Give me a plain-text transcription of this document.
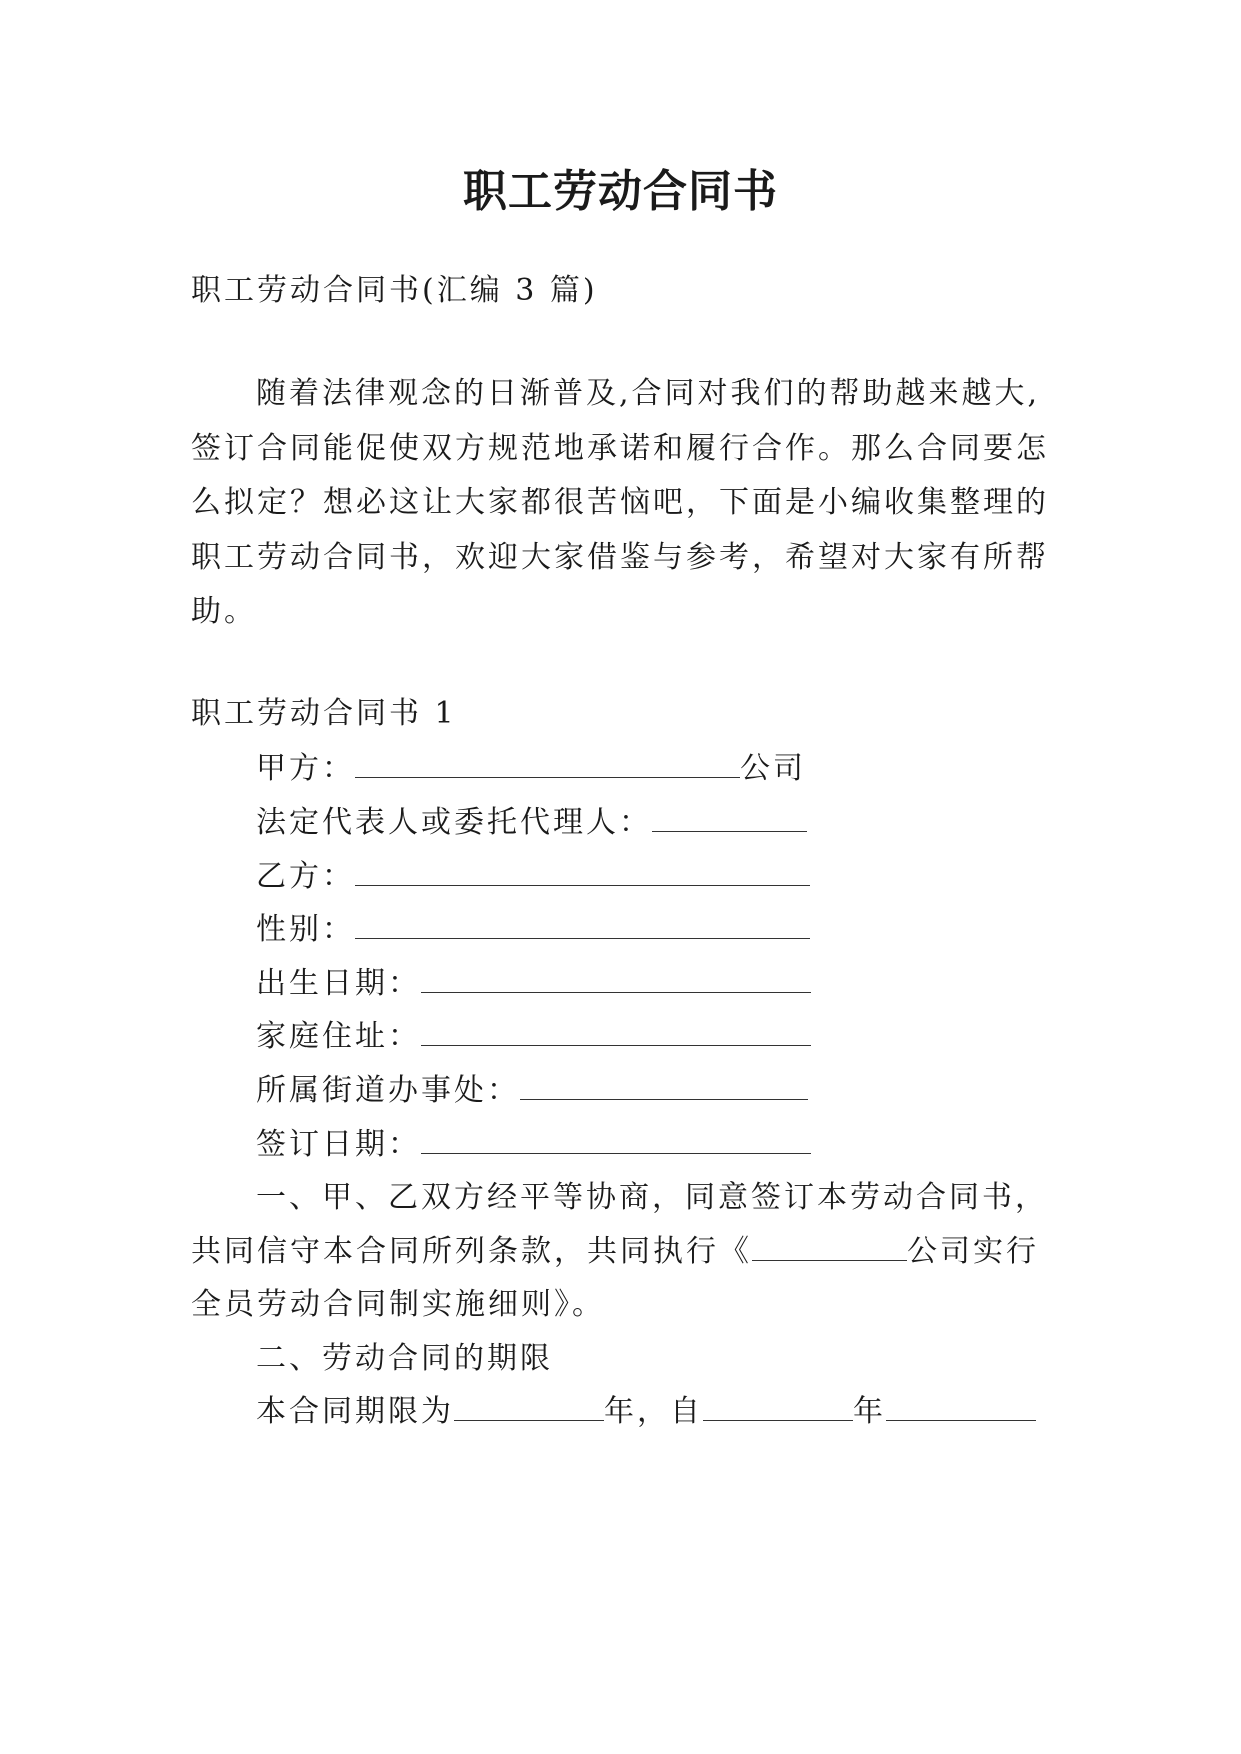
职工劳动合同书
职工劳动合同书(汇编 3 篇)
随着法律观念的日渐普及,合同对我们的帮助越来越大,
签订合同能促使双方规范地承诺和履行合作。那么合同要怎
么拟定？想必这让大家都很苦恼吧，下面是小编收集整理的
职工劳动合同书，欢迎大家借鉴与参考，希望对大家有所帮
助。
职工劳动合同书 1
甲方：	公司
法定代表人或委托代理人：
乙方：
性别：
出生日期：
家庭住址：
所属街道办事处：
签订日期：
一、甲、乙双方经平等协商，同意签订本劳动合同书，
共同信守本合同所列条款，共同执行《	公司实行
全员劳动合同制实施细则》。
二、劳动合同的期限
本合同期限为	年，自	年
